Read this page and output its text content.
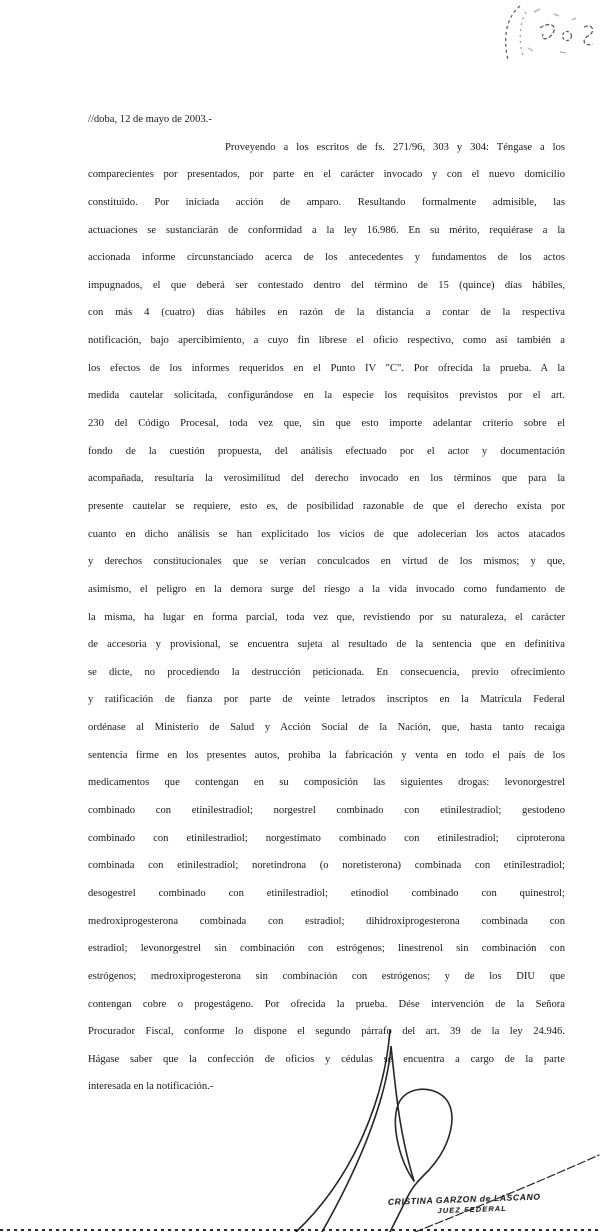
//doba, 12 de mayo de 2003.-
Proveyendo a los escritos de fs. 271/96, 303 y 304: Téngase a los
comparecientes por presentados, por parte en el carácter invocado y con el nuevo domicilio
constituido. Por iniciada acción de amparo. Resultando formalmente admisible, las
actuaciones se sustanciarán de conformidad a la ley 16.986. En su mérito, requiérase a la
accionada informe circunstanciado acerca de los antecedentes y fundamentos de los actos
impugnados, el que deberá ser contestado dentro del término de 15 (quince) días hábiles,
con más 4 (cuatro) días hábiles en razón de la distancia a contar de la respectiva
notificación, bajo apercibimiento, a cuyo fin líbrese el oficio respectivo, como así también a
los efectos de los informes requeridos en el Punto IV "C". Por ofrecida la prueba. A la
medida cautelar solicitada, configurándose en la especie los requisitos previstos por el art.
230 del Código Procesal, toda vez que, sin que esto importe adelantar criterio sobre el
fondo de la cuestión propuesta, del análisis efectuado por el actor y documentación
acompañada, resultaría la verosimilitud del derecho invocado en los términos que para la
presente cautelar se requiere, esto es, de posibilidad razonable de que el derecho exista por
cuanto en dicho análisis se han explicitado los vicios de que adolecerían los actos atacados
y derechos constitucionales que se verían conculcados en virtud de los mismos; y que,
asimismo, el peligro en la demora surge del riesgo a la vida invocado como fundamento de
la misma, ha lugar en forma parcial, toda vez que, revistiendo por su naturaleza, el carácter
de accesoria y provisional, se encuentra sujeta al resultado de la sentencia que en definitiva
se dicte, no procediendo la destrucción peticionada. En consecuencia, previo ofrecimiento
y ratificación de fianza por parte de veinte letrados inscriptos en la Matrícula Federal
ordénase al Ministerio de Salud y Acción Social de la Nación, que, hasta tanto recaiga
sentencia firme en los presentes autos, prohiba la fabricación y venta en todo el país de los
medicamentos que contengan en su composición las siguientes drogas: levonorgestrel
combinado con etinilestradiol; norgestrel combinado con etinilestradiol; gestodeno
combinado con etinilestradiol; norgestimato combinado con etinilestradiol; ciproterona
combinada con etinilestradiol; noretindrona (o noretisterona) combinada con etinilestradiol;
desogestrel combinado con etinilestradiol; etinodiol combinado con quinestrol;
medroxiprogesterona combinada con estradiol; dihidroxiprogesterona combinada con
estradiol; levonorgestrel sin combinación con estrógenos; linestrenol sin combinación con
estrógenos; medroxiprogesterona sin combinación con estrógenos; y de los DIU que
contengan cobre o progestágeno. Por ofrecida la prueba. Dése intervención de la Señora
Procurador Fiscal, conforme lo dispone el segundo párrafo del art. 39 de la ley 24.946.
Hágase saber que la confección de oficios y cédulas se encuentra a cargo de la parte
interesada en la notificación.-
CRISTINA GARZON de LASCANO
JUEZ FEDERAL
